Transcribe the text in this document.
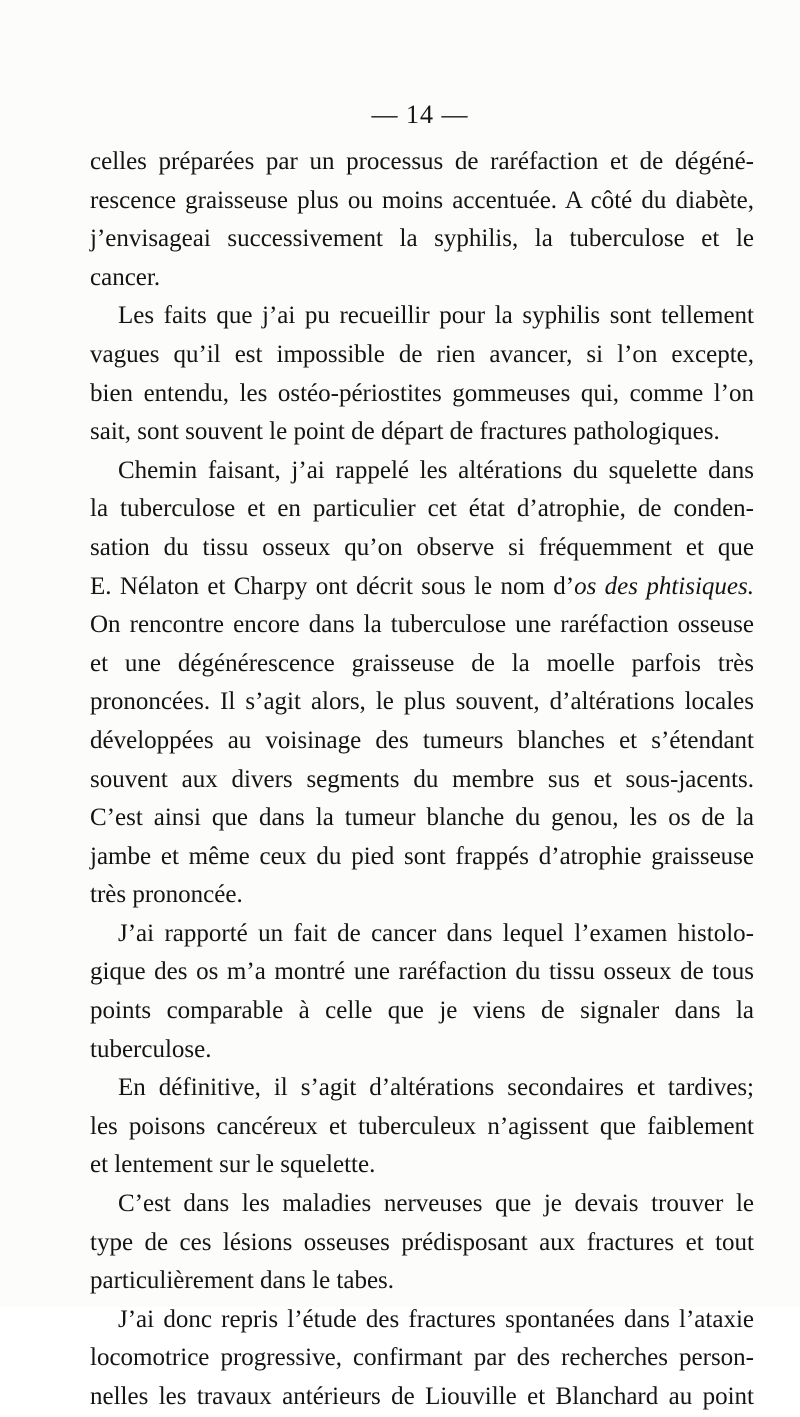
— 14 —
celles préparées par un processus de raréfaction et de dégéné-
rescence graisseuse plus ou moins accentuée. A côté du diabète,
j’envisageai successivement la syphilis, la tuberculose et le
cancer.
Les faits que j’ai pu recueillir pour la syphilis sont tellement
vagues qu’il est impossible de rien avancer, si l’on excepte,
bien entendu, les ostéo-périostites gommeuses qui, comme l’on
sait, sont souvent le point de départ de fractures pathologiques.
Chemin faisant, j’ai rappelé les altérations du squelette dans
la tuberculose et en particulier cet état d’atrophie, de conden-
sation du tissu osseux qu’on observe si fréquemment et que
E. Nélaton et Charpy ont décrit sous le nom d’os des phtisiques.
On rencontre encore dans la tuberculose une raréfaction osseuse
et une dégénérescence graisseuse de la moelle parfois très
prononcées. Il s’agit alors, le plus souvent, d’altérations locales
développées au voisinage des tumeurs blanches et s’étendant
souvent aux divers segments du membre sus et sous-jacents.
C’est ainsi que dans la tumeur blanche du genou, les os de la
jambe et même ceux du pied sont frappés d’atrophie graisseuse
très prononcée.
J’ai rapporté un fait de cancer dans lequel l’examen histolo-
gique des os m’a montré une raréfaction du tissu osseux de tous
points comparable à celle que je viens de signaler dans la
tuberculose.
En définitive, il s’agit d’altérations secondaires et tardives;
les poisons cancéreux et tuberculeux n’agissent que faiblement
et lentement sur le squelette.
C’est dans les maladies nerveuses que je devais trouver le
type de ces lésions osseuses prédisposant aux fractures et tout
particulièrement dans le tabes.
J’ai donc repris l’étude des fractures spontanées dans l’ataxie
locomotrice progressive, confirmant par des recherches person-
nelles les travaux antérieurs de Liouville et Blanchard au point
